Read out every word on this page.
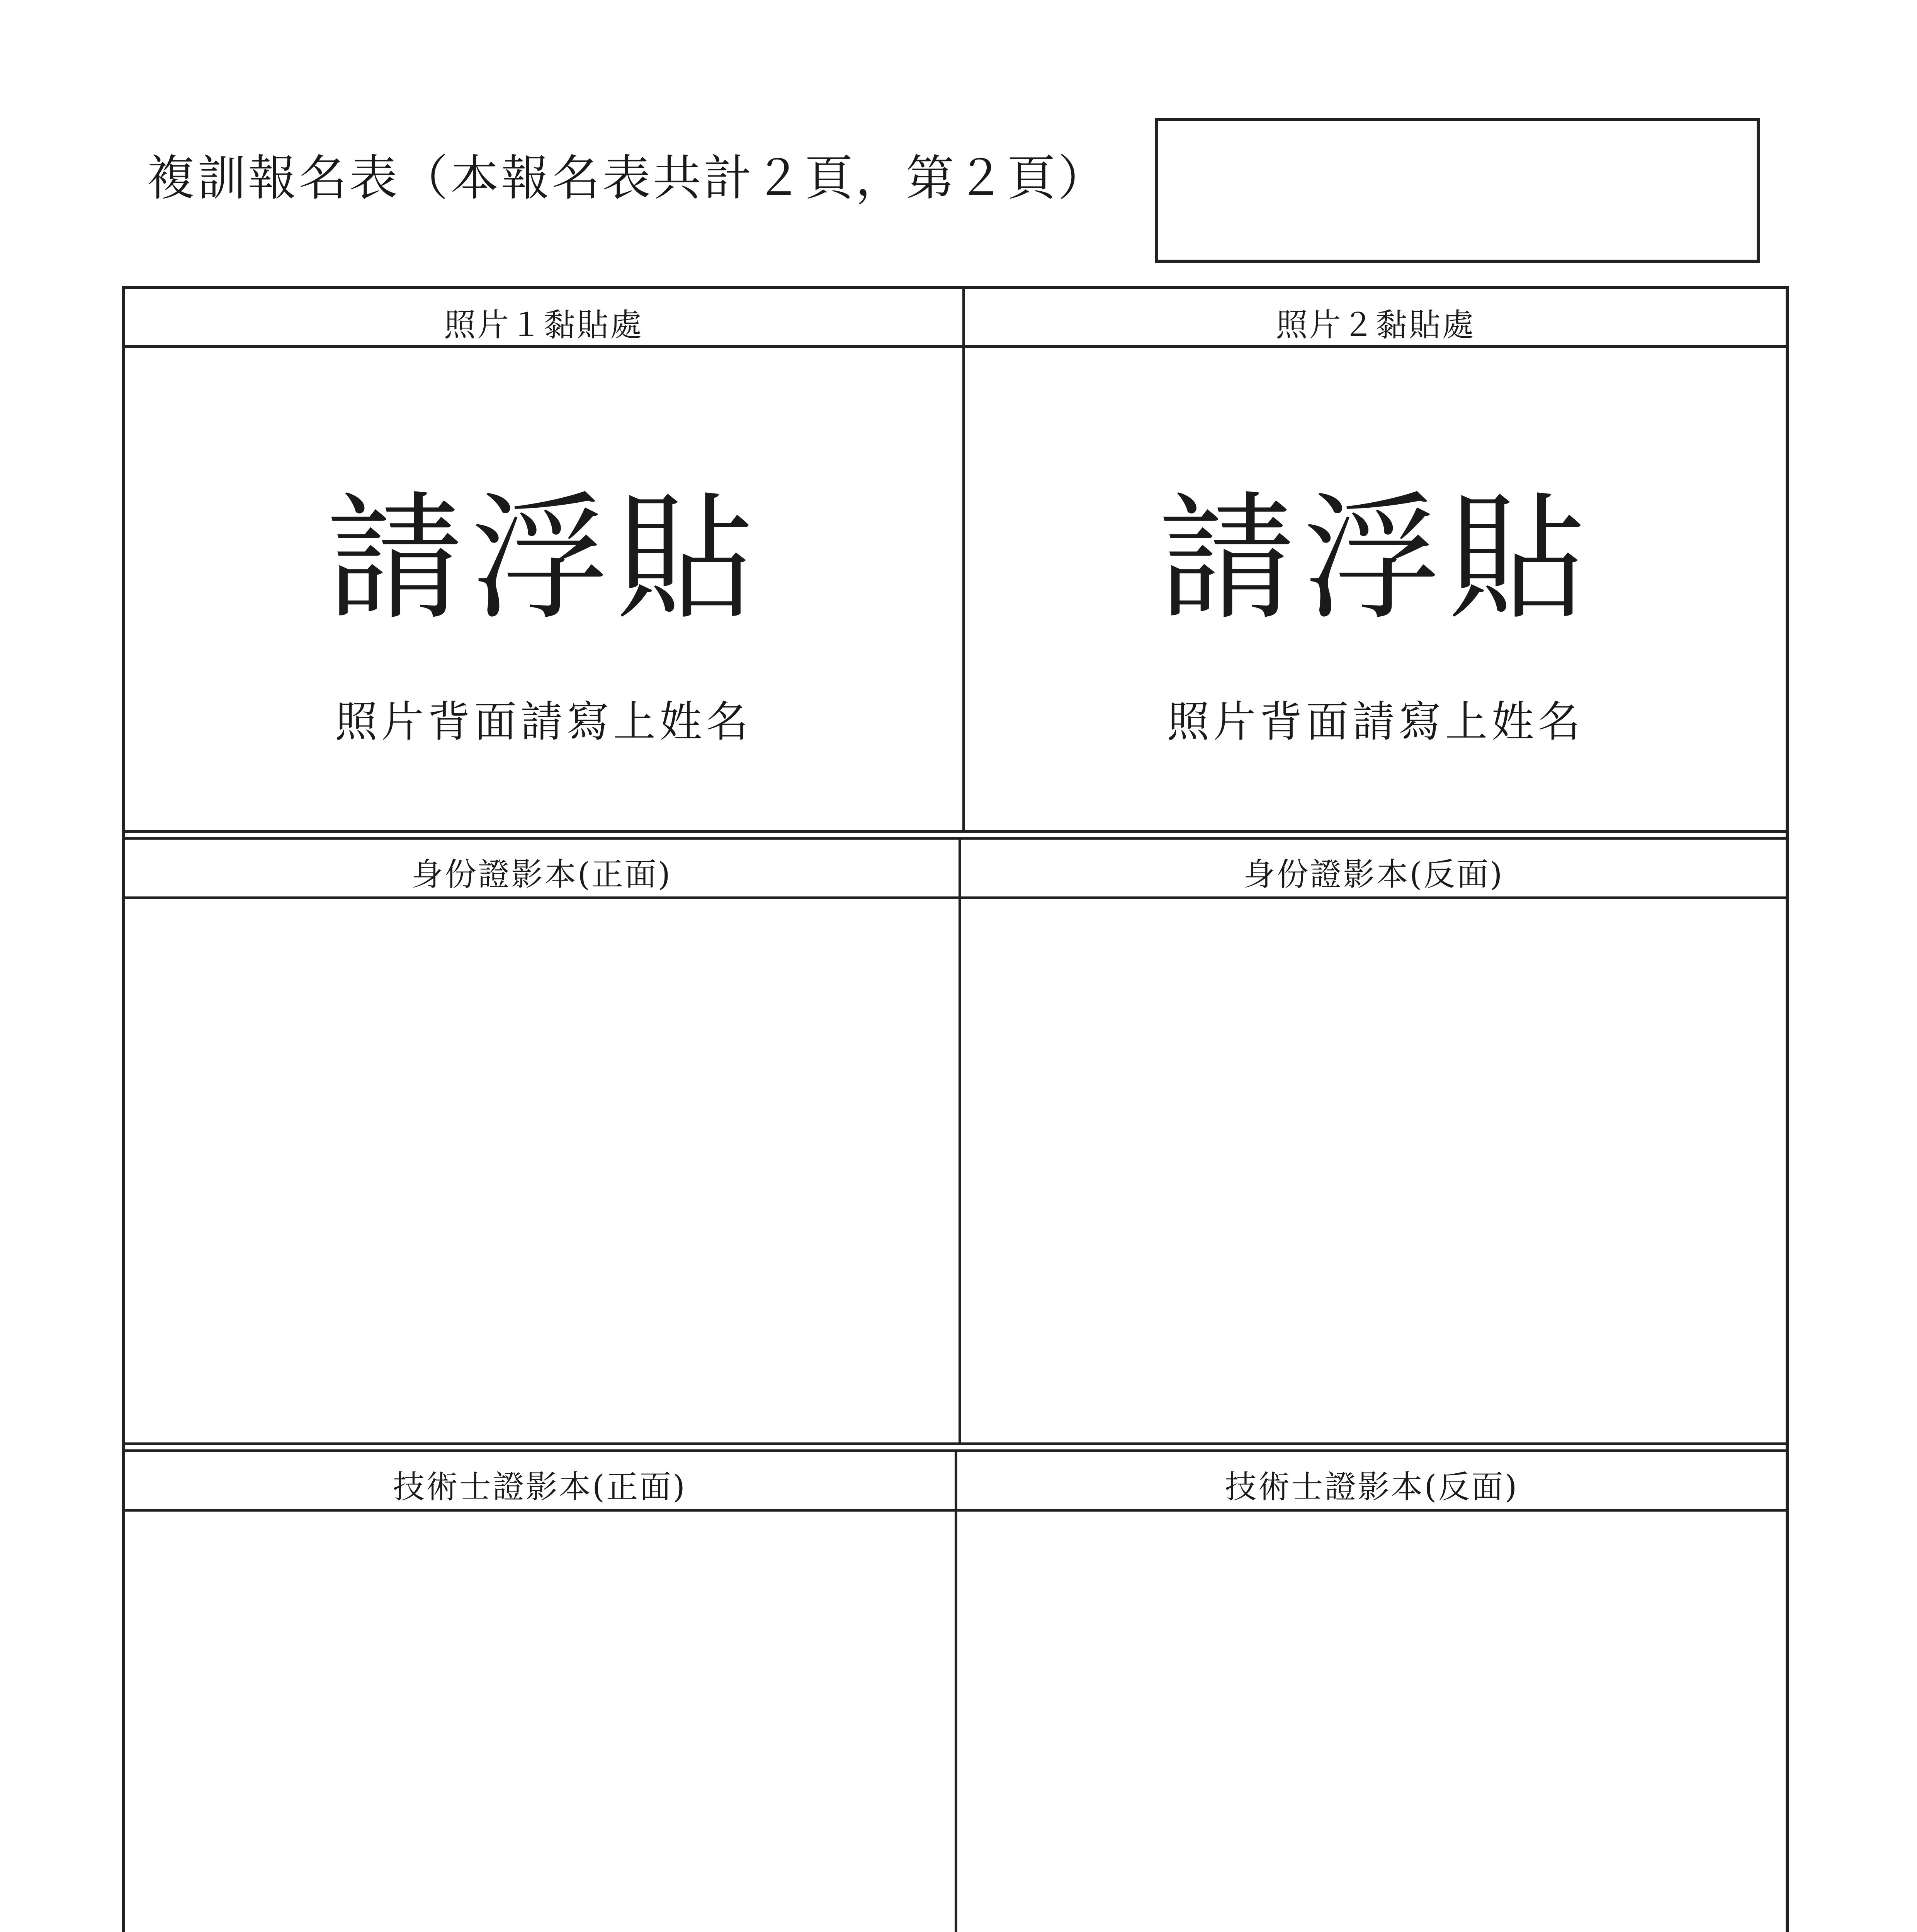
複訓報名表（本報名表共計２頁，第２頁）
照片１黏貼處	照片２黏貼處
請浮貼
照片背面請寫上姓名
請浮貼
照片背面請寫上姓名
身份證影本(正面)	身份證影本(反面)
技術士證影本(正面)	技術士證影本(反面)
